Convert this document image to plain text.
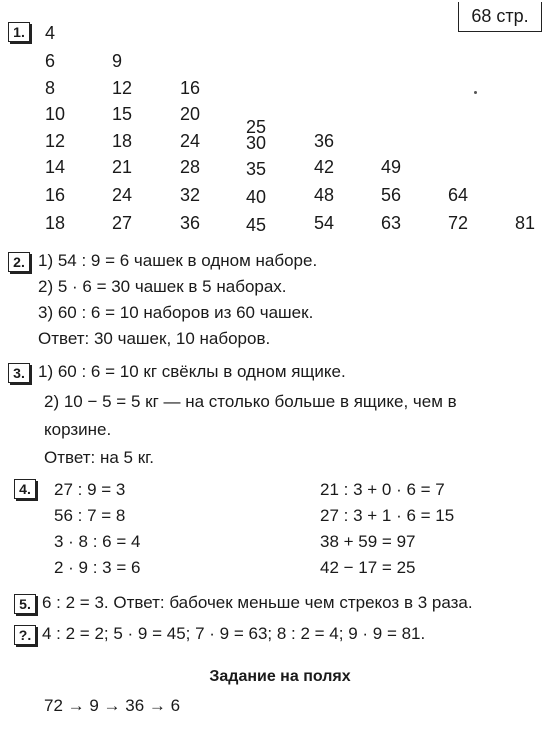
68 стр.
1. 4
6
8
10
12
14
16
18
9
12
15
18
21
24
27
16
20
24
28
32
36
25
30
35
40
45
36
42
48
54
49
56
63
64
72	81
2. 1) 54 : 9 = 6 чашек в одном наборе.
2) 5 · 6 = 30 чашек в 5 наборах.
3) 60 : 6 = 10 наборов из 60 чашек.
Ответ: 30 чашек, 10 наборов.
3. 1) 60 : 6 = 10 кг свёклы в одном ящике.
2) 10 − 5 = 5 кг — на столько больше в ящике, чем в
корзине.
Ответ: на 5 кг.
4.	27 : 9 = 3
56 : 7 = 8
3 · 8 : 6 = 4
2 · 9 : 3 = 6
21 : 3 + 0 · 6 = 7
27 : 3 + 1 · 6 = 15
38 + 59 = 97
42 − 17 = 25
5. 6 : 2 = 3. Ответ: бабочек меньше чем стрекоз в 3 раза.
?. 4 : 2 = 2; 5 · 9 = 45; 7 · 9 = 63; 8 : 2 = 4; 9 · 9 = 81.
Задание на полях
72 → 9 → 36 → 6
